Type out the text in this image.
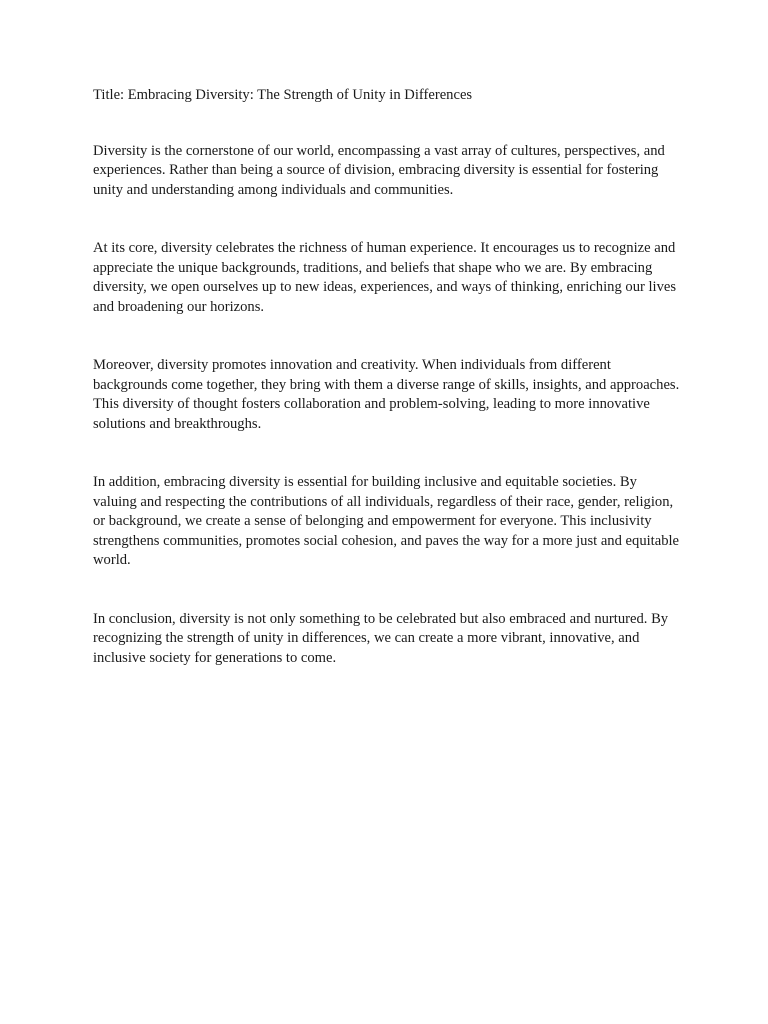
Title: Embracing Diversity: The Strength of Unity in Differences

Diversity is the cornerstone of our world, encompassing a vast array of cultures, perspectives, and experiences. Rather than being a source of division, embracing diversity is essential for fostering unity and understanding among individuals and communities.

At its core, diversity celebrates the richness of human experience. It encourages us to recognize and appreciate the unique backgrounds, traditions, and beliefs that shape who we are. By embracing diversity, we open ourselves up to new ideas, experiences, and ways of thinking, enriching our lives and broadening our horizons.

Moreover, diversity promotes innovation and creativity. When individuals from different backgrounds come together, they bring with them a diverse range of skills, insights, and approaches. This diversity of thought fosters collaboration and problem-solving, leading to more innovative solutions and breakthroughs.

In addition, embracing diversity is essential for building inclusive and equitable societies. By valuing and respecting the contributions of all individuals, regardless of their race, gender, religion, or background, we create a sense of belonging and empowerment for everyone. This inclusivity strengthens communities, promotes social cohesion, and paves the way for a more just and equitable world.

In conclusion, diversity is not only something to be celebrated but also embraced and nurtured. By recognizing the strength of unity in differences, we can create a more vibrant, innovative, and inclusive society for generations to come.
